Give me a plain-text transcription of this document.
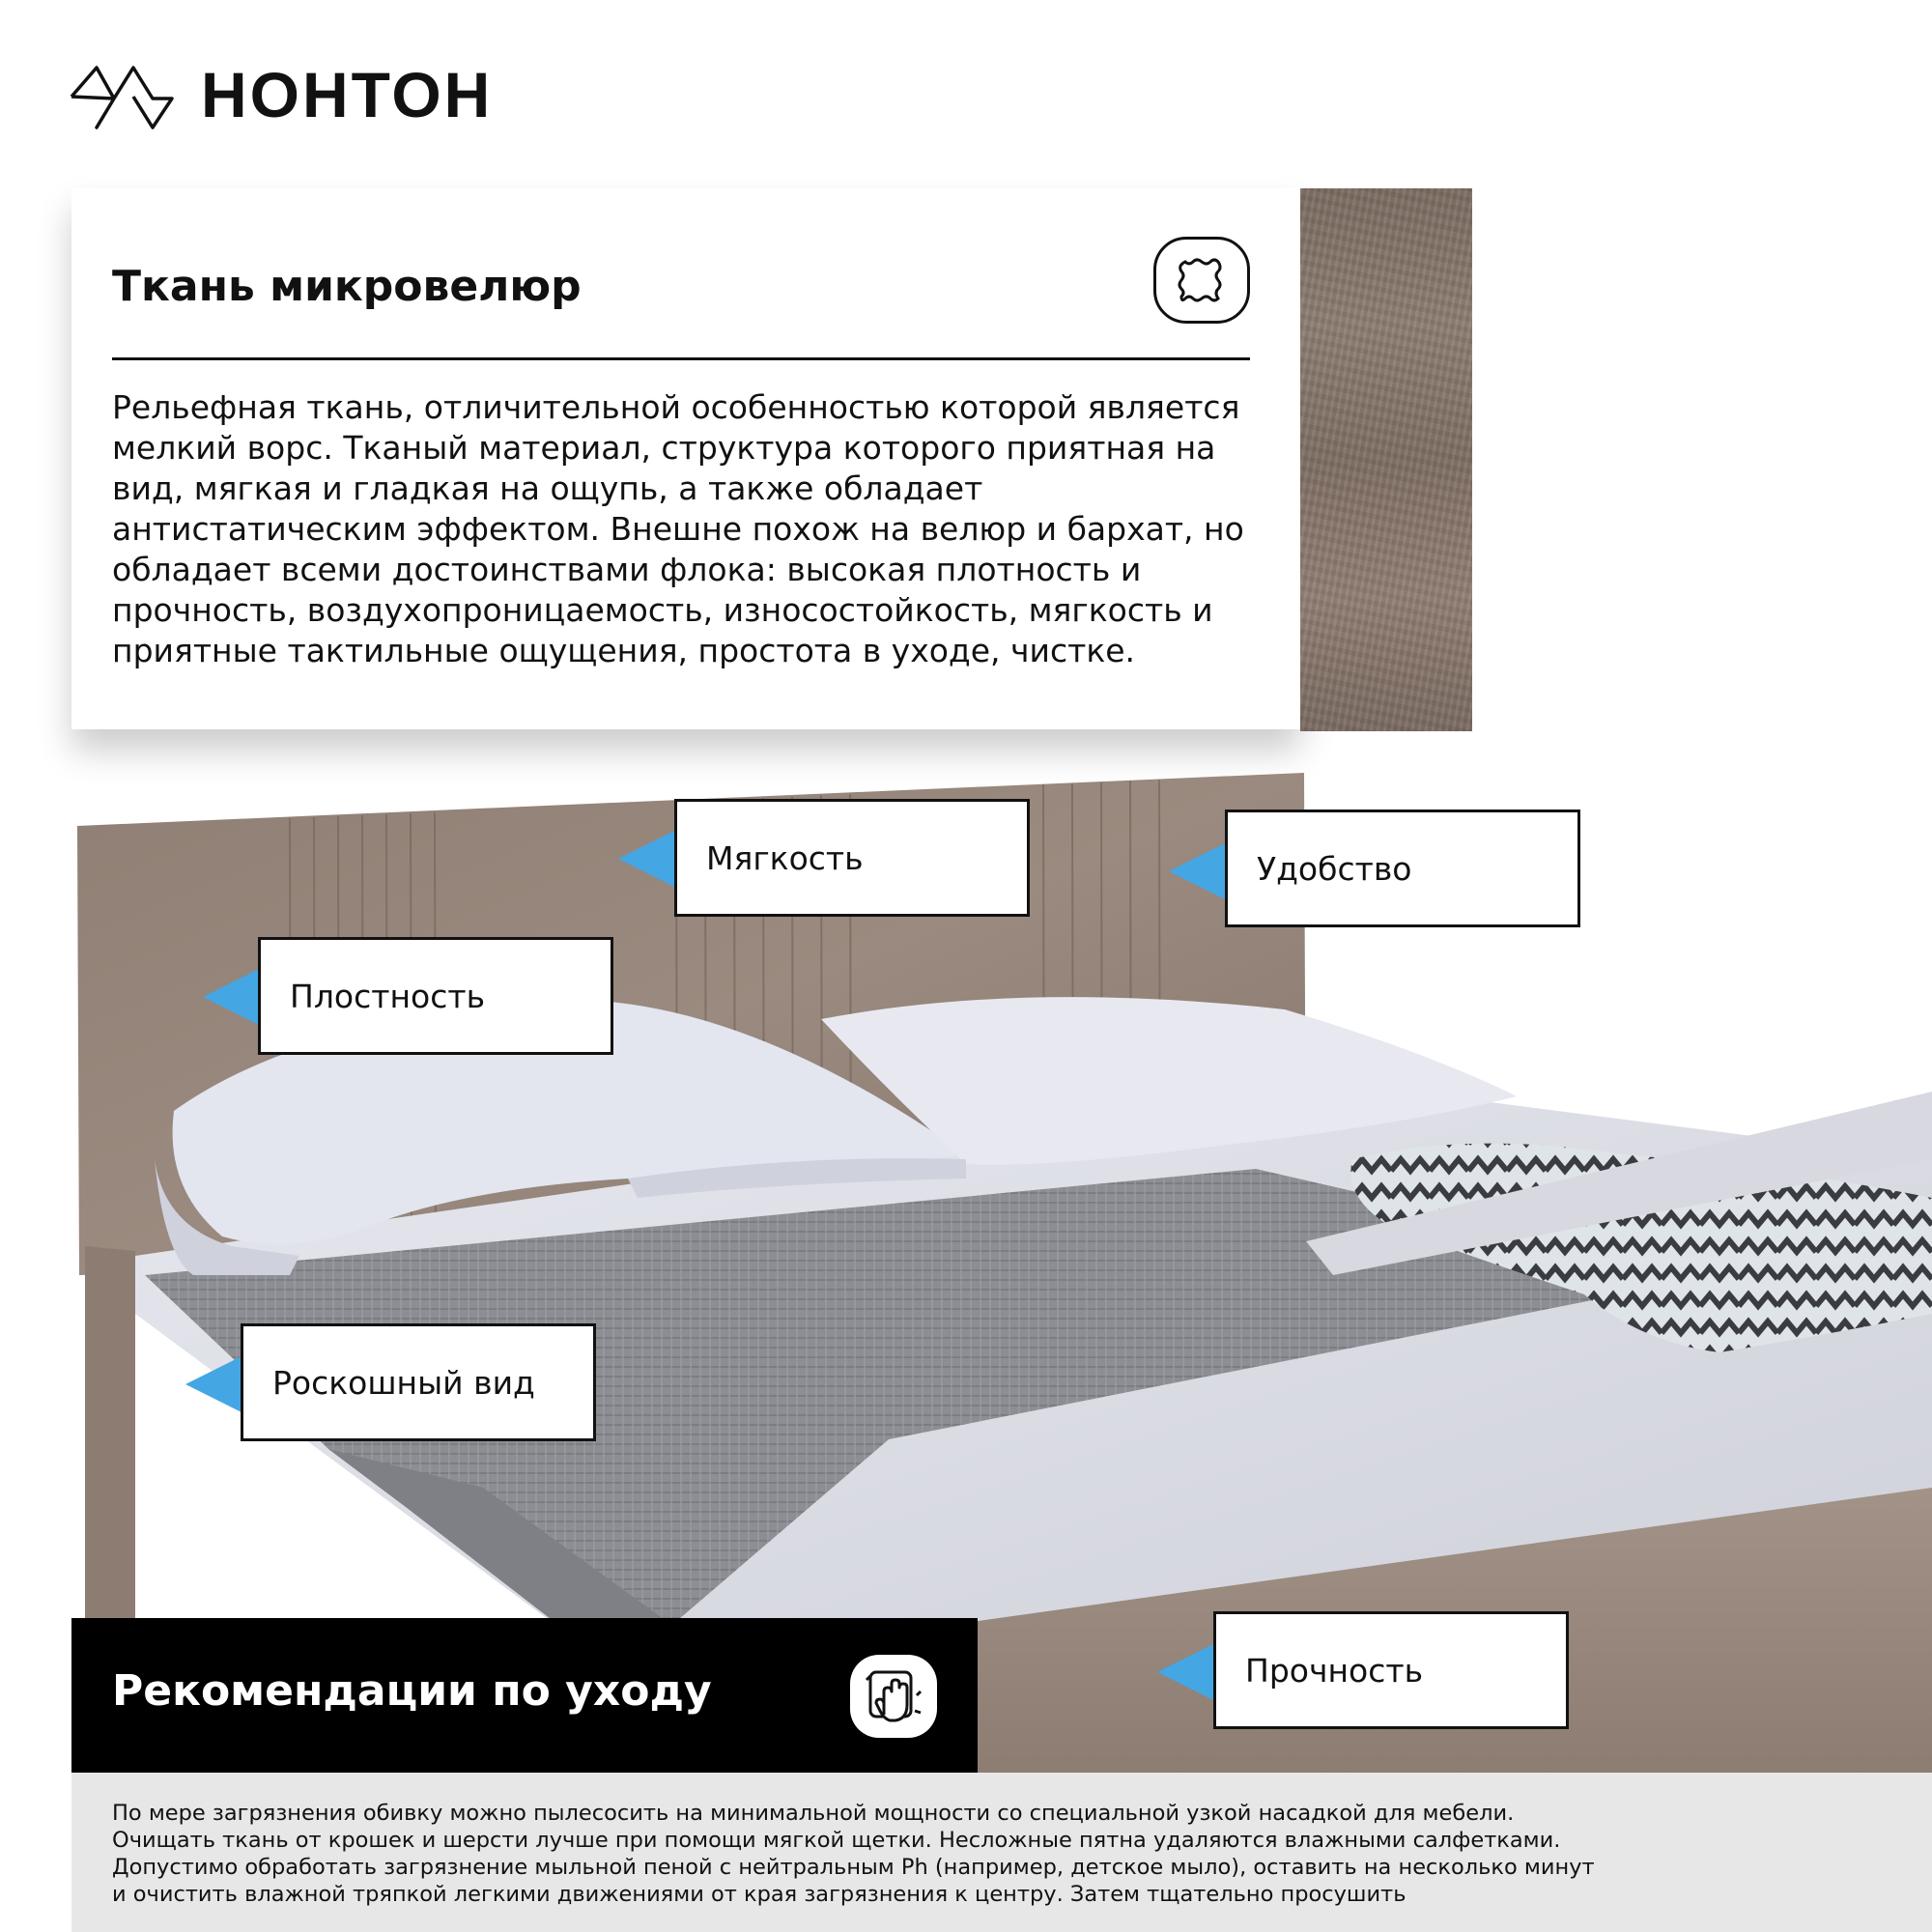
НОНТОН
Ткань микровелюр
Рельефная ткань, отличительной особенностью которой является мелкий ворс. Тканый материал, структура которого приятная на вид, мягкая и гладкая на ощупь, а также обладает антистатическим эффектом. Внешне похож на велюр и бархат, но обладает всеми достоинствами флока: высокая плотность и прочность, воздухопроницаемость, износостойкость, мягкость и приятные тактильные ощущения, простота в уходе, чистке.
Мягкость	Удобство
Плостность
Роскошный вид
Прочность
Рекомендации по уходу
По мере загрязнения обивку можно пылесосить на минимальной мощности со специальной узкой насадкой для мебели.
Очищать ткань от крошек и шерсти лучше при помощи мягкой щетки. Несложные пятна удаляются влажными салфетками.
Допустимо обработать загрязнение мыльной пеной с нейтральным Ph (например, детское мыло), оставить на несколько минут
и очистить влажной тряпкой легкими движениями от края загрязнения к центру. Затем тщательно просушить
